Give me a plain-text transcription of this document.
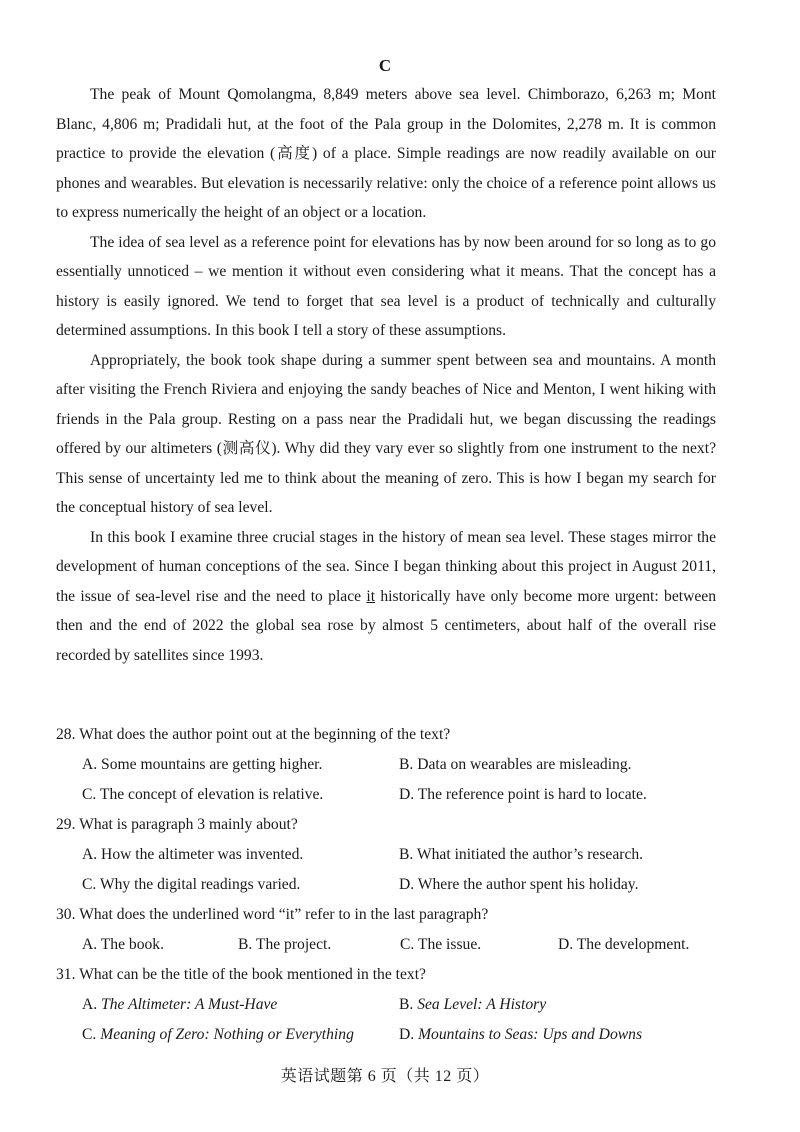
C

The peak of Mount Qomolangma, 8,849 meters above sea level. Chimborazo, 6,263 m; Mont Blanc, 4,806 m; Pradidali hut, at the foot of the Pala group in the Dolomites, 2,278 m. It is common practice to provide the elevation (高度) of a place. Simple readings are now readily available on our phones and wearables. But elevation is necessarily relative: only the choice of a reference point allows us to express numerically the height of an object or a location.

The idea of sea level as a reference point for elevations has by now been around for so long as to go essentially unnoticed – we mention it without even considering what it means. That the concept has a history is easily ignored. We tend to forget that sea level is a product of technically and culturally determined assumptions. In this book I tell a story of these assumptions.

Appropriately, the book took shape during a summer spent between sea and mountains. A month after visiting the French Riviera and enjoying the sandy beaches of Nice and Menton, I went hiking with friends in the Pala group. Resting on a pass near the Pradidali hut, we began discussing the readings offered by our altimeters (测高仪). Why did they vary ever so slightly from one instrument to the next? This sense of uncertainty led me to think about the meaning of zero. This is how I began my search for the conceptual history of sea level.

In this book I examine three crucial stages in the history of mean sea level. These stages mirror the development of human conceptions of the sea. Since I began thinking about this project in August 2011, the issue of sea-level rise and the need to place it historically have only become more urgent: between then and the end of 2022 the global sea rose by almost 5 centimeters, about half of the overall rise recorded by satellites since 1993.

28. What does the author point out at the beginning of the text?

A. Some mountains are getting higher.	B. Data on wearables are misleading.
C. The concept of elevation is relative.	D. The reference point is hard to locate.

29. What is paragraph 3 mainly about?

A. How the altimeter was invented.	B. What initiated the author’s research.
C. Why the digital readings varied.	D. Where the author spent his holiday.

30. What does the underlined word “it” refer to in the last paragraph?

A. The book.	B. The project.	C. The issue.	D. The development.

31. What can be the title of the book mentioned in the text?

A. The Altimeter: A Must-Have	B. Sea Level: A History
C. Meaning of Zero: Nothing or Everything	D. Mountains to Seas: Ups and Downs
英语试题第 6 页（共 12 页）
